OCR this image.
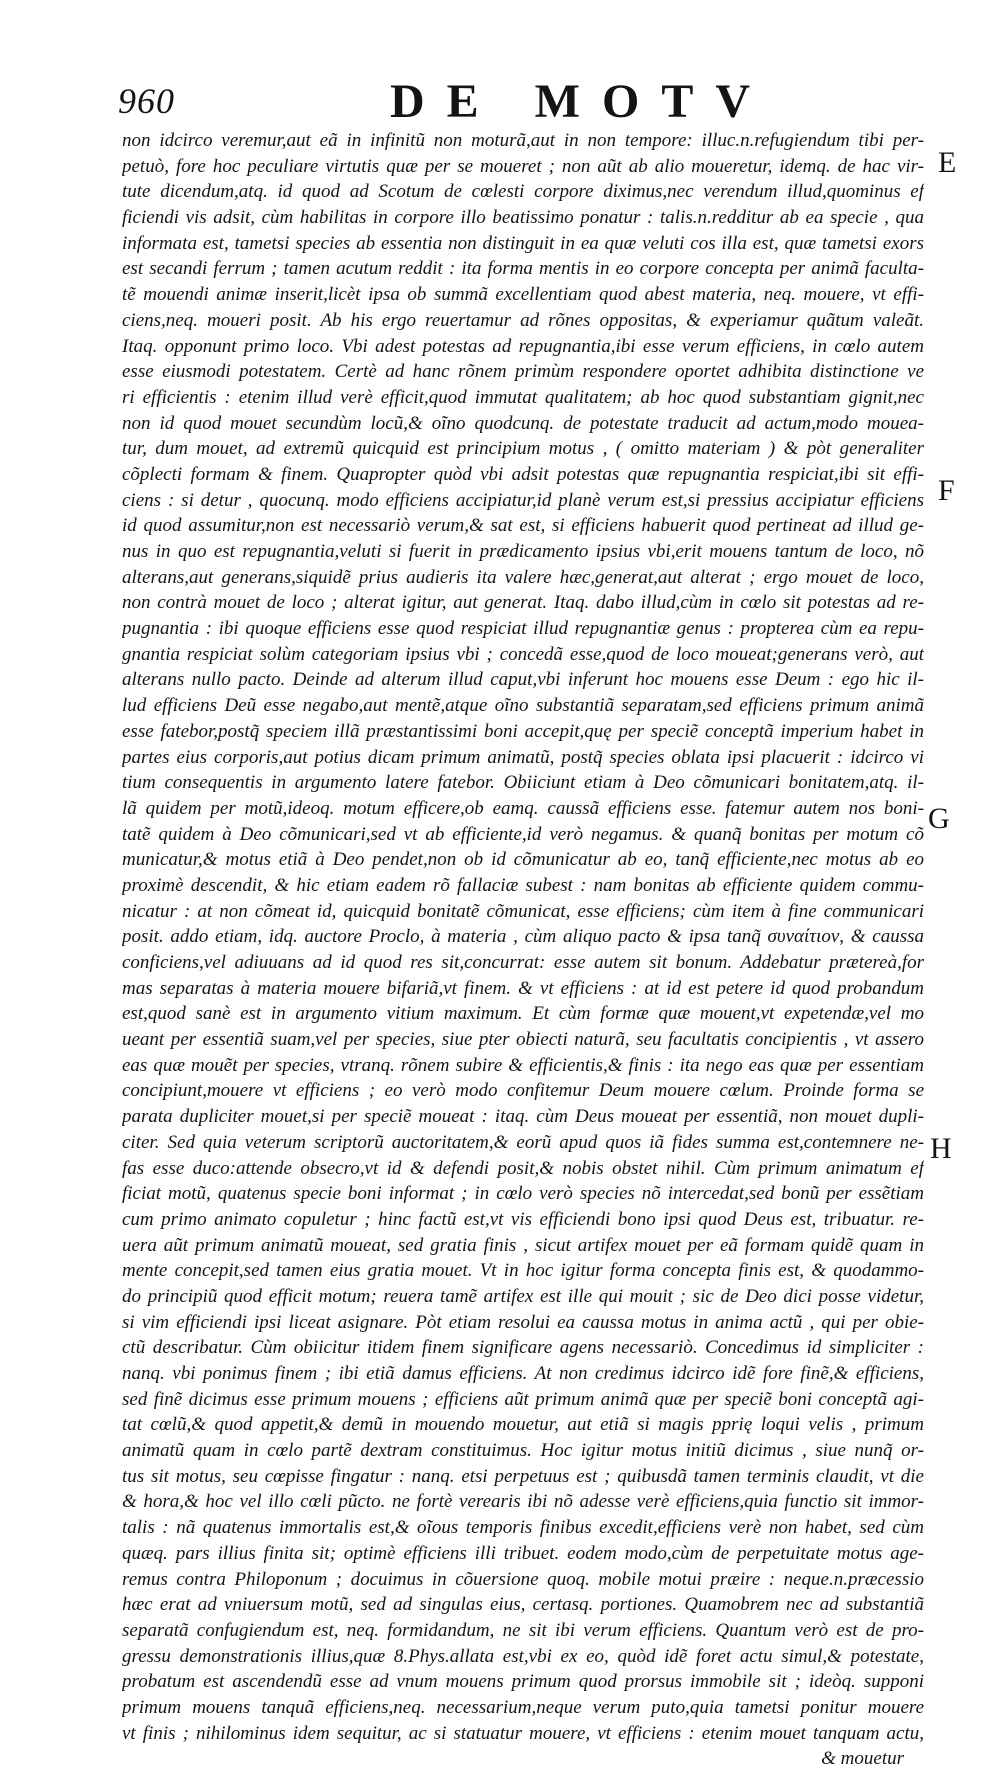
960	DE MOTV
E
F
G
H
non idcirco veremur,aut eã in infinitũ non moturã,aut in non tempore: illuc.n.refugiendum tibi per-
petuò, fore hoc peculiare virtutis quæ per se moueret ; non aũt ab alio moueretur, idemq. de hac vir-
tute dicendum,atq. id quod ad Scotum de cœlesti corpore diximus,nec verendum illud,quominus ef
ficiendi vis adsit, cùm habilitas in corpore illo beatissimo ponatur : talis.n.redditur ab ea specie , qua
informata est, tametsi species ab essentia non distinguit in ea quæ veluti cos illa est, quæ tametsi exors
est secandi ferrum ; tamen acutum reddit : ita forma mentis in eo corpore concepta per animã faculta-
tẽ mouendi animæ inserit,licèt ipsa ob summã excellentiam quod abest materia, neq. mouere, vt effi-
ciens,neq. moueri posit. Ab his ergo reuertamur ad rõnes oppositas, & experiamur quãtum valeãt.
Itaq. opponunt primo loco. Vbi adest potestas ad repugnantia,ibi esse verum efficiens, in cœlo autem
esse eiusmodi potestatem. Certè ad hanc rõnem primùm respondere oportet adhibita distinctione ve
ri efficientis : etenim illud verè efficit,quod immutat qualitatem; ab hoc quod substantiam gignit,nec
non id quod mouet secundùm locũ,& oĩno quodcunq. de potestate traducit ad actum,modo mouea-
tur, dum mouet, ad extremũ quicquid est principium motus , ( omitto materiam ) & pòt generaliter
cõplecti formam & finem. Quapropter quòd vbi adsit potestas quæ repugnantia respiciat,ibi sit effi-
ciens : si detur , quocunq. modo efficiens accipiatur,id planè verum est,si pressius accipiatur efficiens
id quod assumitur,non est necessariò verum,& sat est, si efficiens habuerit quod pertineat ad illud ge-
nus in quo est repugnantia,veluti si fuerit in prædicamento ipsius vbi,erit mouens tantum de loco, nõ
alterans,aut generans,siquidẽ prius audieris ita valere hæc,generat,aut alterat ; ergo mouet de loco,
non contrà mouet de loco ; alterat igitur, aut generat. Itaq. dabo illud,cùm in cœlo sit potestas ad re-
pugnantia : ibi quoque efficiens esse quod respiciat illud repugnantiæ genus : propterea cùm ea repu-
gnantia respiciat solùm categoriam ipsius vbi ; concedã esse,quod de loco moueat;generans verò, aut
alterans nullo pacto. Deinde ad alterum illud caput,vbi inferunt hoc mouens esse Deum : ego hic il-
lud efficiens Deũ esse negabo,aut mentẽ,atque oĩno substantiã separatam,sed efficiens primum animã
esse fatebor,postq̃ speciem illã præstantissimi boni accepit,quę per speciẽ conceptã imperium habet in
partes eius corporis,aut potius dicam primum animatũ, postq̃ species oblata ipsi placuerit : idcirco vi
tium consequentis in argumento latere fatebor. Obiiciunt etiam à Deo cõmunicari bonitatem,atq. il-
lã quidem per motũ,ideoq. motum efficere,ob eamq. caussã efficiens esse. fatemur autem nos boni-
tatẽ quidem à Deo cõmunicari,sed vt ab efficiente,id verò negamus. & quanq̃ bonitas per motum cõ
municatur,& motus etiã à Deo pendet,non ob id cõmunicatur ab eo, tanq̃ efficiente,nec motus ab eo
proximè descendit, & hic etiam eadem rõ fallaciæ subest : nam bonitas ab efficiente quidem commu-
nicatur : at non cõmeat id, quicquid bonitatẽ cõmunicat, esse efficiens; cùm item à fine communicari
posit. addo etiam, idq. auctore Proclo, à materia , cùm aliquo pacto & ipsa tanq̃ συναίτιον, & caussa
conficiens,vel adiuuans ad id quod res sit,concurrat: esse autem sit bonum. Addebatur prætereà,for
mas separatas à materia mouere bifariã,vt finem. & vt efficiens : at id est petere id quod probandum
est,quod sanè est in argumento vitium maximum. Et cùm formæ quæ mouent,vt expetendæ,vel mo
ueant per essentiã suam,vel per species, siue pter obiecti naturã, seu facultatis concipientis , vt assero
eas quæ mouẽt per species, vtranq. rõnem subire & efficientis,& finis : ita nego eas quæ per essentiam
concipiunt,mouere vt efficiens ; eo verò modo confitemur Deum mouere cœlum. Proinde forma se
parata dupliciter mouet,si per speciẽ moueat : itaq. cùm Deus moueat per essentiã, non mouet dupli-
citer. Sed quia veterum scriptorũ auctoritatem,& eorũ apud quos iã fides summa est,contemnere ne-
fas esse duco:attende obsecro,vt id & defendi posit,& nobis obstet nihil. Cùm primum animatum ef
ficiat motũ, quatenus specie boni informat ; in cœlo verò species nõ intercedat,sed bonũ per essẽtiam
cum primo animato copuletur ; hinc factũ est,vt vis efficiendi bono ipsi quod Deus est, tribuatur. re-
uera aũt primum animatũ moueat, sed gratia finis , sicut artifex mouet per eã formam quidẽ quam in
mente concepit,sed tamen eius gratia mouet. Vt in hoc igitur forma concepta finis est, & quodammo-
do principiũ quod efficit motum; reuera tamẽ artifex est ille qui mouit ; sic de Deo dici posse videtur,
si vim efficiendi ipsi liceat asignare. Pòt etiam resolui ea caussa motus in anima actũ , qui per obie-
ctũ describatur. Cùm obiicitur itidem finem significare agens necessariò. Concedimus id simpliciter :
nanq. vbi ponimus finem ; ibi etiã damus efficiens. At non credimus idcirco idẽ fore finẽ,& efficiens,
sed finẽ dicimus esse primum mouens ; efficiens aũt primum animã quæ per speciẽ boni conceptã agi-
tat cœlũ,& quod appetit,& demũ in mouendo mouetur, aut etiã si magis pprię loqui velis , primum
animatũ quam in cœlo partẽ dextram constituimus. Hoc igitur motus initiũ dicimus , siue nunq̃ or-
tus sit motus, seu cœpisse fingatur : nanq. etsi perpetuus est ; quibusdã tamen terminis claudit, vt die
& hora,& hoc vel illo cœli pũcto. ne fortè verearis ibi nõ adesse verè efficiens,quia functio sit immor-
talis : nã quatenus immortalis est,& oĩous temporis finibus excedit,efficiens verè non habet, sed cùm
quæq. pars illius finita sit; optimè efficiens illi tribuet. eodem modo,cùm de perpetuitate motus age-
remus contra Philoponum ; docuimus in cõuersione quoq. mobile motui præire : neque.n.præcessio
hæc erat ad vniuersum motũ, sed ad singulas eius, certasq. portiones. Quamobrem nec ad substantiã
separatã confugiendum est, neq. formidandum, ne sit ibi verum efficiens. Quantum verò est de pro-
gressu demonstrationis illius,quæ 8.Phys.allata est,vbi ex eo, quòd idẽ foret actu simul,& potestate,
probatum est ascendendũ esse ad vnum mouens primum quod prorsus immobile sit ; ideòq. supponi
primum mouens tanquã efficiens,neq. necessarium,neque verum puto,quia tametsi ponitur mouere
vt finis ; nihilominus idem sequitur, ac si statuatur mouere, vt efficiens : etenim mouet tanquam actu,
& mouetur
